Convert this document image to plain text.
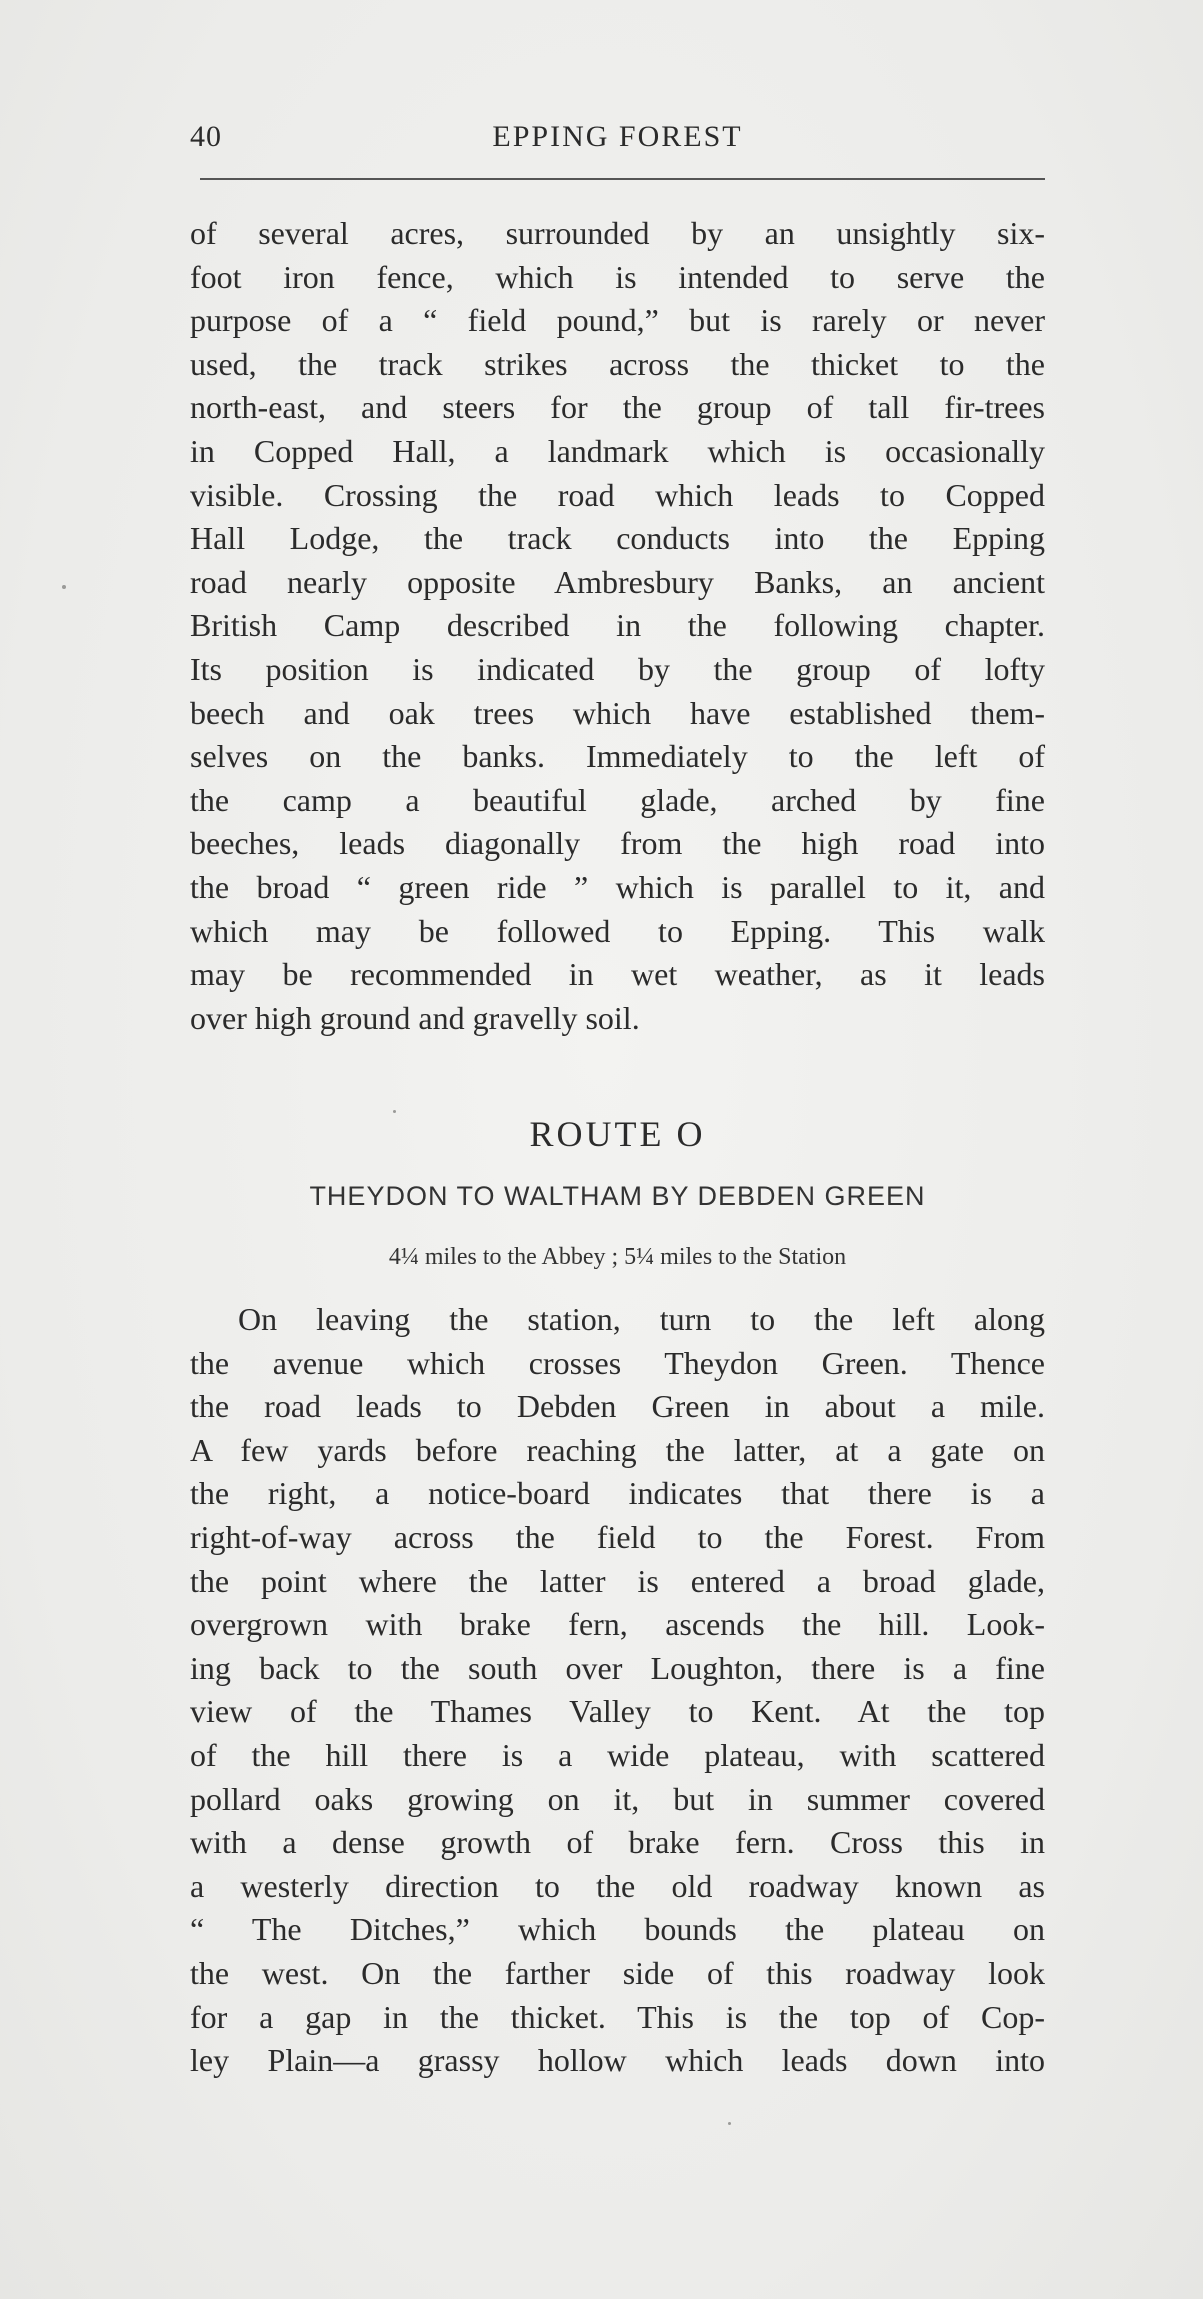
40	EPPING FOREST
of several acres, surrounded by an unsightly six-
foot iron fence, which is intended to serve the
purpose of a “ field pound,” but is rarely or never
used, the track strikes across the thicket to the
north-east, and steers for the group of tall fir-trees
in Copped Hall, a landmark which is occasionally
visible. Crossing the road which leads to Copped
Hall Lodge, the track conducts into the Epping
road nearly opposite Ambresbury Banks, an ancient
British Camp described in the following chapter.
Its position is indicated by the group of lofty
beech and oak trees which have established them-
selves on the banks. Immediately to the left of
the camp a beautiful glade, arched by fine
beeches, leads diagonally from the high road into
the broad “ green ride ” which is parallel to it, and
which may be followed to Epping. This walk
may be recommended in wet weather, as it leads
over high ground and gravelly soil.
ROUTE O
THEYDON TO WALTHAM BY DEBDEN GREEN
4¼ miles to the Abbey ; 5¼ miles to the Station
On leaving the station, turn to the left along
the avenue which crosses Theydon Green. Thence
the road leads to Debden Green in about a mile.
A few yards before reaching the latter, at a gate on
the right, a notice-board indicates that there is a
right-of-way across the field to the Forest. From
the point where the latter is entered a broad glade,
overgrown with brake fern, ascends the hill. Look-
ing back to the south over Loughton, there is a fine
view of the Thames Valley to Kent. At the top
of the hill there is a wide plateau, with scattered
pollard oaks growing on it, but in summer covered
with a dense growth of brake fern. Cross this in
a westerly direction to the old roadway known as
“ The Ditches,” which bounds the plateau on
the west. On the farther side of this roadway look
for a gap in the thicket. This is the top of Cop-
ley Plain—a grassy hollow which leads down into
